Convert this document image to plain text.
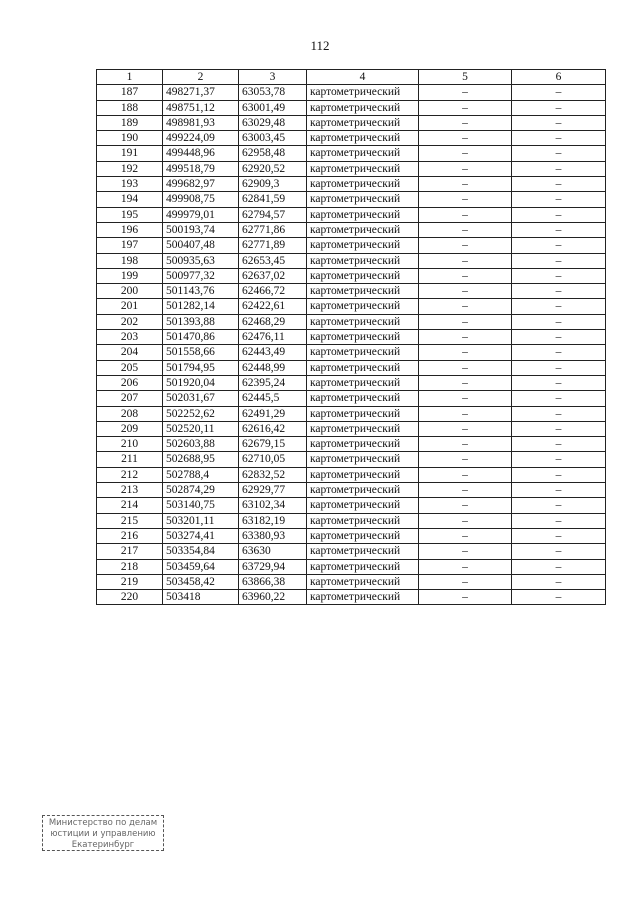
112
1	2	3	4	5	6
187	498271,37	63053,78	картометрический	–	–
188	498751,12	63001,49	картометрический	–	–
189	498981,93	63029,48	картометрический	–	–
190	499224,09	63003,45	картометрический	–	–
191	499448,96	62958,48	картометрический	–	–
192	499518,79	62920,52	картометрический	–	–
193	499682,97	62909,3	картометрический	–	–
194	499908,75	62841,59	картометрический	–	–
195	499979,01	62794,57	картометрический	–	–
196	500193,74	62771,86	картометрический	–	–
197	500407,48	62771,89	картометрический	–	–
198	500935,63	62653,45	картометрический	–	–
199	500977,32	62637,02	картометрический	–	–
200	501143,76	62466,72	картометрический	–	–
201	501282,14	62422,61	картометрический	–	–
202	501393,88	62468,29	картометрический	–	–
203	501470,86	62476,11	картометрический	–	–
204	501558,66	62443,49	картометрический	–	–
205	501794,95	62448,99	картометрический	–	–
206	501920,04	62395,24	картометрический	–	–
207	502031,67	62445,5	картометрический	–	–
208	502252,62	62491,29	картометрический	–	–
209	502520,11	62616,42	картометрический	–	–
210	502603,88	62679,15	картометрический	–	–
211	502688,95	62710,05	картометрический	–	–
212	502788,4	62832,52	картометрический	–	–
213	502874,29	62929,77	картометрический	–	–
214	503140,75	63102,34	картометрический	–	–
215	503201,11	63182,19	картометрический	–	–
216	503274,41	63380,93	картометрический	–	–
217	503354,84	63630	картометрический	–	–
218	503459,64	63729,94	картометрический	–	–
219	503458,42	63866,38	картометрический	–	–
220	503418	63960,22	картометрический	–	–
Министерство по делам
юстиции и управлению
Екатеринбург
